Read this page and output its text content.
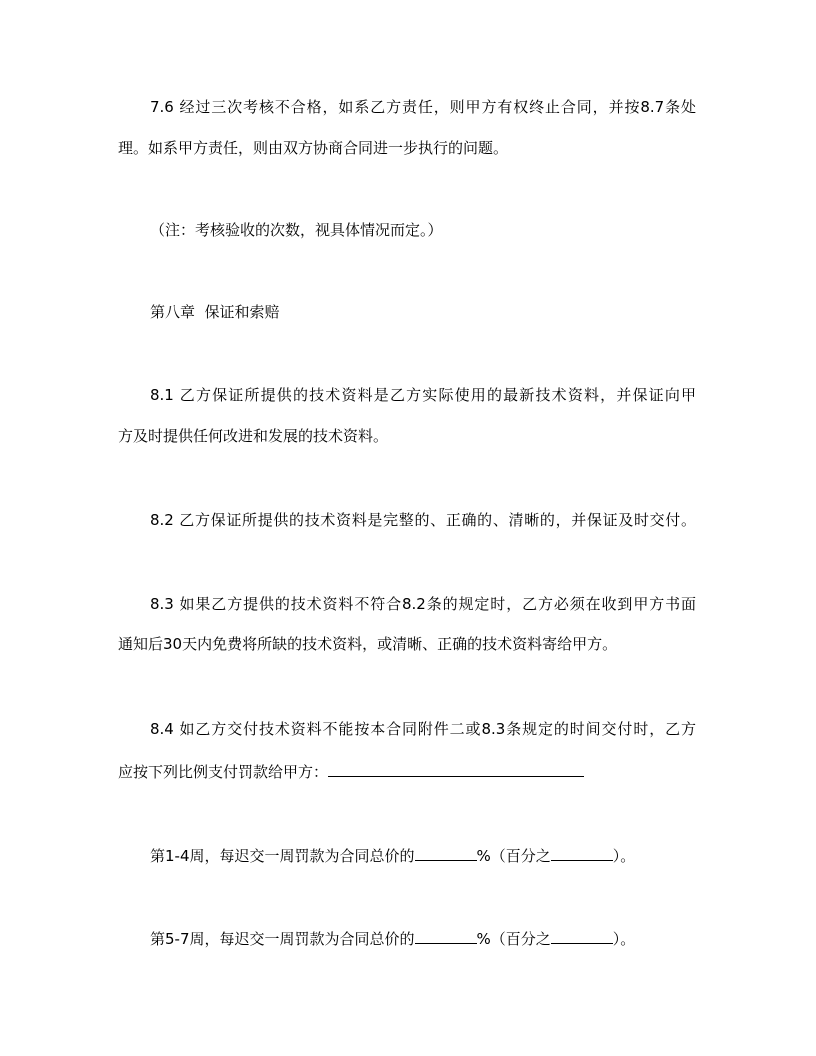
7.6 经过三次考核不合格，如系乙方责任，则甲方有权终止合同，并按8.7条处
理。如系甲方责任，则由双方协商合同进一步执行的问题。
（注：考核验收的次数，视具体情况而定。）
第八章  保证和索赔
8.1 乙方保证所提供的技术资料是乙方实际使用的最新技术资料，并保证向甲
方及时提供任何改进和发展的技术资料。
8.2 乙方保证所提供的技术资料是完整的、正确的、清晰的，并保证及时交付。
8.3 如果乙方提供的技术资料不符合8.2条的规定时，乙方必须在收到甲方书面
通知后30天内免费将所缺的技术资料，或清晰、正确的技术资料寄给甲方。
8.4 如乙方交付技术资料不能按本合同附件二或8.3条规定的时间交付时，乙方
应按下列比例支付罚款给甲方：
第1-4周，每迟交一周罚款为合同总价的	%（百分之	）。
第5-7周，每迟交一周罚款为合同总价的	%（百分之	）。
